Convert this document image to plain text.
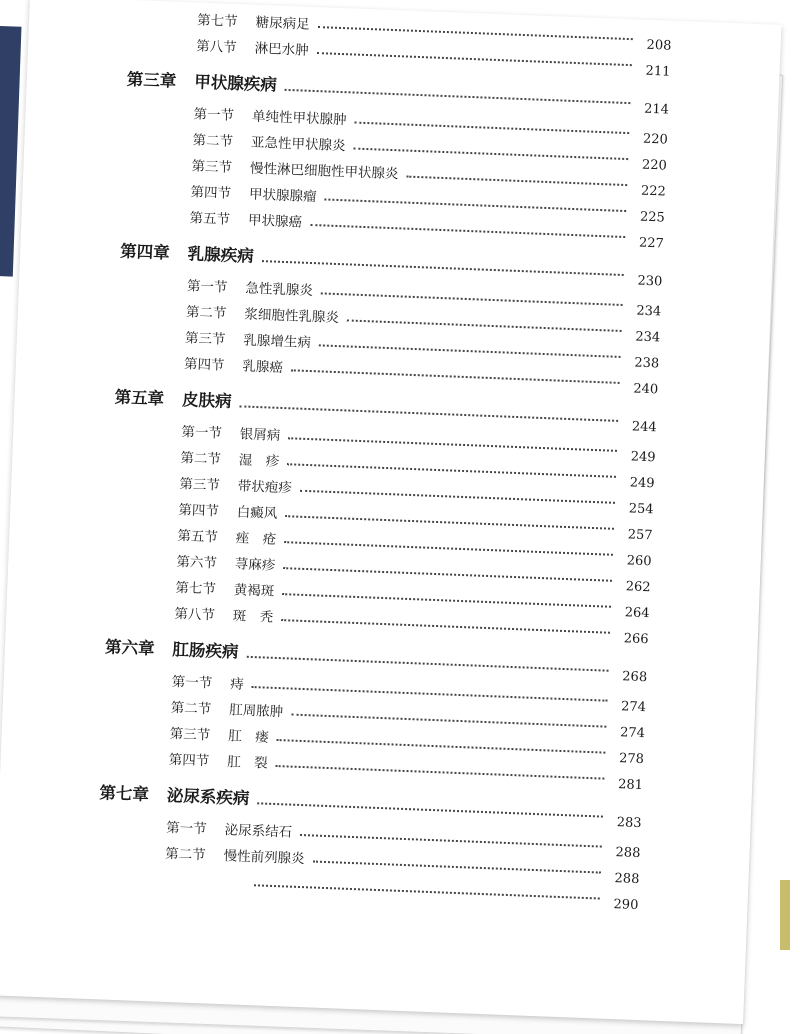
第七节 糖尿病足
208
第八节 淋巴水肿
211
第三章 甲状腺疾病
214
第一节 单纯性甲状腺肿
220
第二节 亚急性甲状腺炎
220
第三节 慢性淋巴细胞性甲状腺炎
222
第四节 甲状腺腺瘤
225
第五节 甲状腺癌
227
第四章 乳腺疾病
230
第一节 急性乳腺炎
234
第二节 浆细胞性乳腺炎
234
第三节 乳腺增生病
238
第四节 乳腺癌
240
第五章 皮肤病
244
第一节 银屑病
249
第二节 湿　疹
249
第三节 带状疱疹
254
第四节 白癜风
257
第五节 痤　疮
260
第六节 荨麻疹
262
第七节 黄褐斑
264
第八节 斑　秃
266
第六章 肛肠疾病
268
第一节 痔
274
第二节 肛周脓肿
274
第三节 肛　瘘
278
第四节 肛　裂
281
第七章 泌尿系疾病
283
第一节 泌尿系结石
288
第二节 慢性前列腺炎
288
290
